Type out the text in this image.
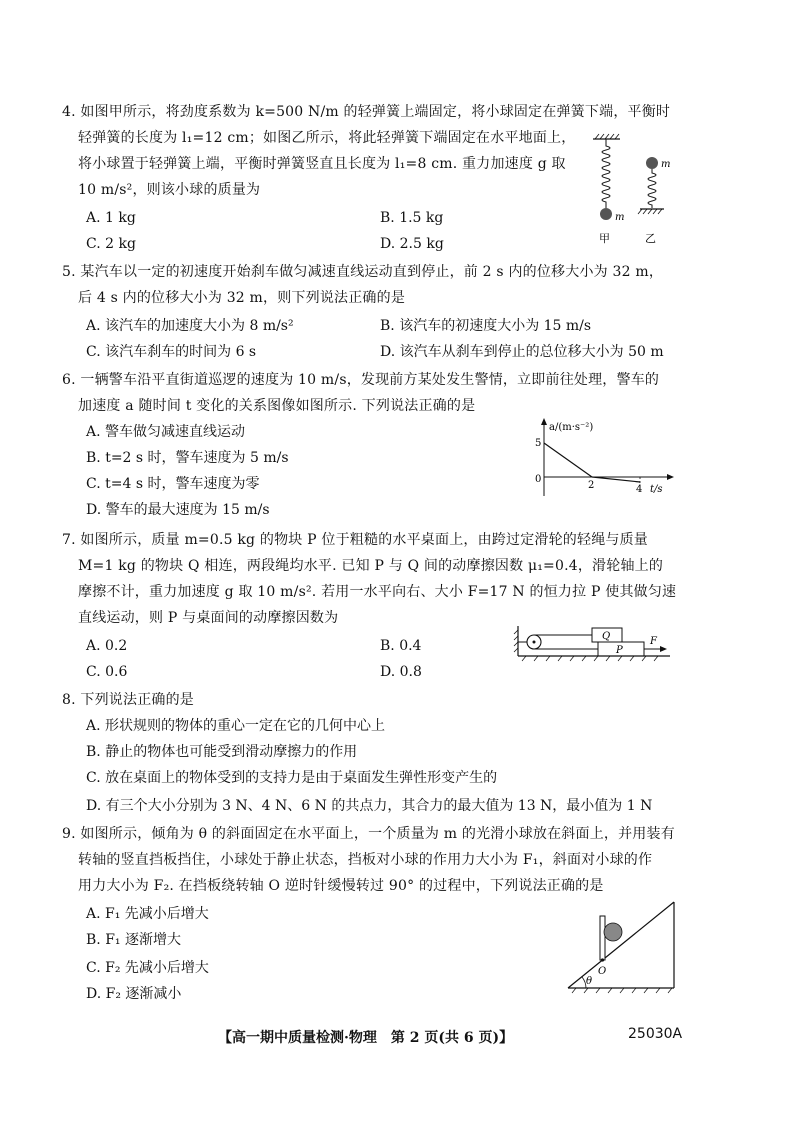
4. 如图甲所示，将劲度系数为 k=500 N/m 的轻弹簧上端固定，将小球固定在弹簧下端，平衡时
轻弹簧的长度为 l₁=12 cm；如图乙所示，将此轻弹簧下端固定在水平地面上，
将小球置于轻弹簧上端，平衡时弹簧竖直且长度为 l₁=8 cm. 重力加速度 g 取
10 m/s²，则该小球的质量为
A. 1 kg	B. 1.5 kg
C. 2 kg	D. 2.5 kg
m
甲
m
乙
5. 某汽车以一定的初速度开始刹车做匀减速直线运动直到停止，前 2 s 内的位移大小为 32 m，
后 4 s 内的位移大小为 32 m，则下列说法正确的是
A. 该汽车的加速度大小为 8 m/s²	B. 该汽车的初速度大小为 15 m/s
C. 该汽车刹车的时间为 6 s	D. 该汽车从刹车到停止的总位移大小为 50 m
6. 一辆警车沿平直街道巡逻的速度为 10 m/s，发现前方某处发生警情，立即前往处理，警车的
加速度 a 随时间 t 变化的关系图像如图所示. 下列说法正确的是
A. 警车做匀减速直线运动
B. t=2 s 时，警车速度为 5 m/s
C. t=4 s 时，警车速度为零
D. 警车的最大速度为 15 m/s
a/(m·s⁻²)
t/s
5
0
2	4
7. 如图所示，质量 m=0.5 kg 的物块 P 位于粗糙的水平桌面上，由跨过定滑轮的轻绳与质量
M=1 kg 的物块 Q 相连，两段绳均水平. 已知 P 与 Q 间的动摩擦因数 μ₁=0.4，滑轮轴上的
摩擦不计，重力加速度 g 取 10 m/s². 若用一水平向右、大小 F=17 N 的恒力拉 P 使其做匀速
直线运动，则 P 与桌面间的动摩擦因数为
A. 0.2	B. 0.4
C. 0.6	D. 0.8
Q
P
F
8. 下列说法正确的是
A. 形状规则的物体的重心一定在它的几何中心上
B. 静止的物体也可能受到滑动摩擦力的作用
C. 放在桌面上的物体受到的支持力是由于桌面发生弹性形变产生的
D. 有三个大小分别为 3 N、4 N、6 N 的共点力，其合力的最大值为 13 N，最小值为 1 N
9. 如图所示，倾角为 θ 的斜面固定在水平面上，一个质量为 m 的光滑小球放在斜面上，并用装有
转轴的竖直挡板挡住，小球处于静止状态，挡板对小球的作用力大小为 F₁，斜面对小球的作
用力大小为 F₂. 在挡板绕转轴 O 逆时针缓慢转过 90° 的过程中，下列说法正确的是
A. F₁ 先减小后增大
B. F₁ 逐渐增大
C. F₂ 先减小后增大
D. F₂ 逐渐减小
θ
O
【高一期中质量检测·物理　第 2 页(共 6 页)】	25030A
